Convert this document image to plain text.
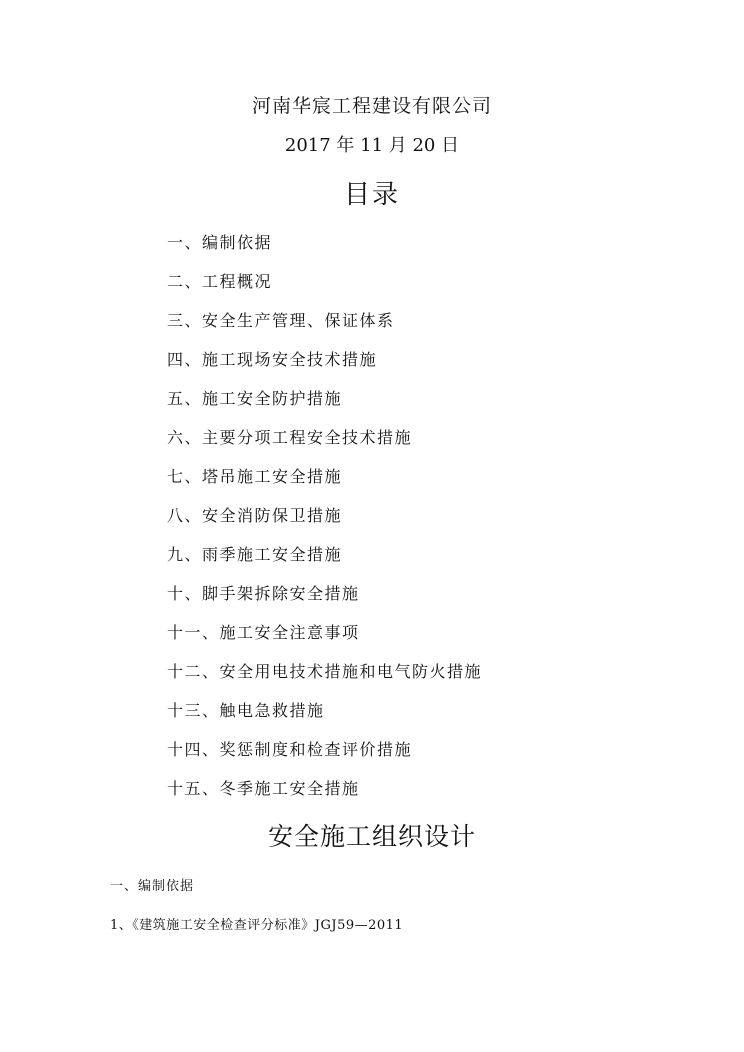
河南华宸工程建设有限公司
2017 年 11 月 20 日
目录
一、编制依据
二、工程概况
三、安全生产管理、保证体系
四、施工现场安全技术措施
五、施工安全防护措施
六、主要分项工程安全技术措施
七、塔吊施工安全措施
八、安全消防保卫措施
九、雨季施工安全措施
十、脚手架拆除安全措施
十一、施工安全注意事项
十二、安全用电技术措施和电气防火措施
十三、触电急救措施
十四、奖惩制度和检查评价措施
十五、冬季施工安全措施
安全施工组织设计
一、编制依据
1、《建筑施工安全检查评分标准》JGJ59—2011
